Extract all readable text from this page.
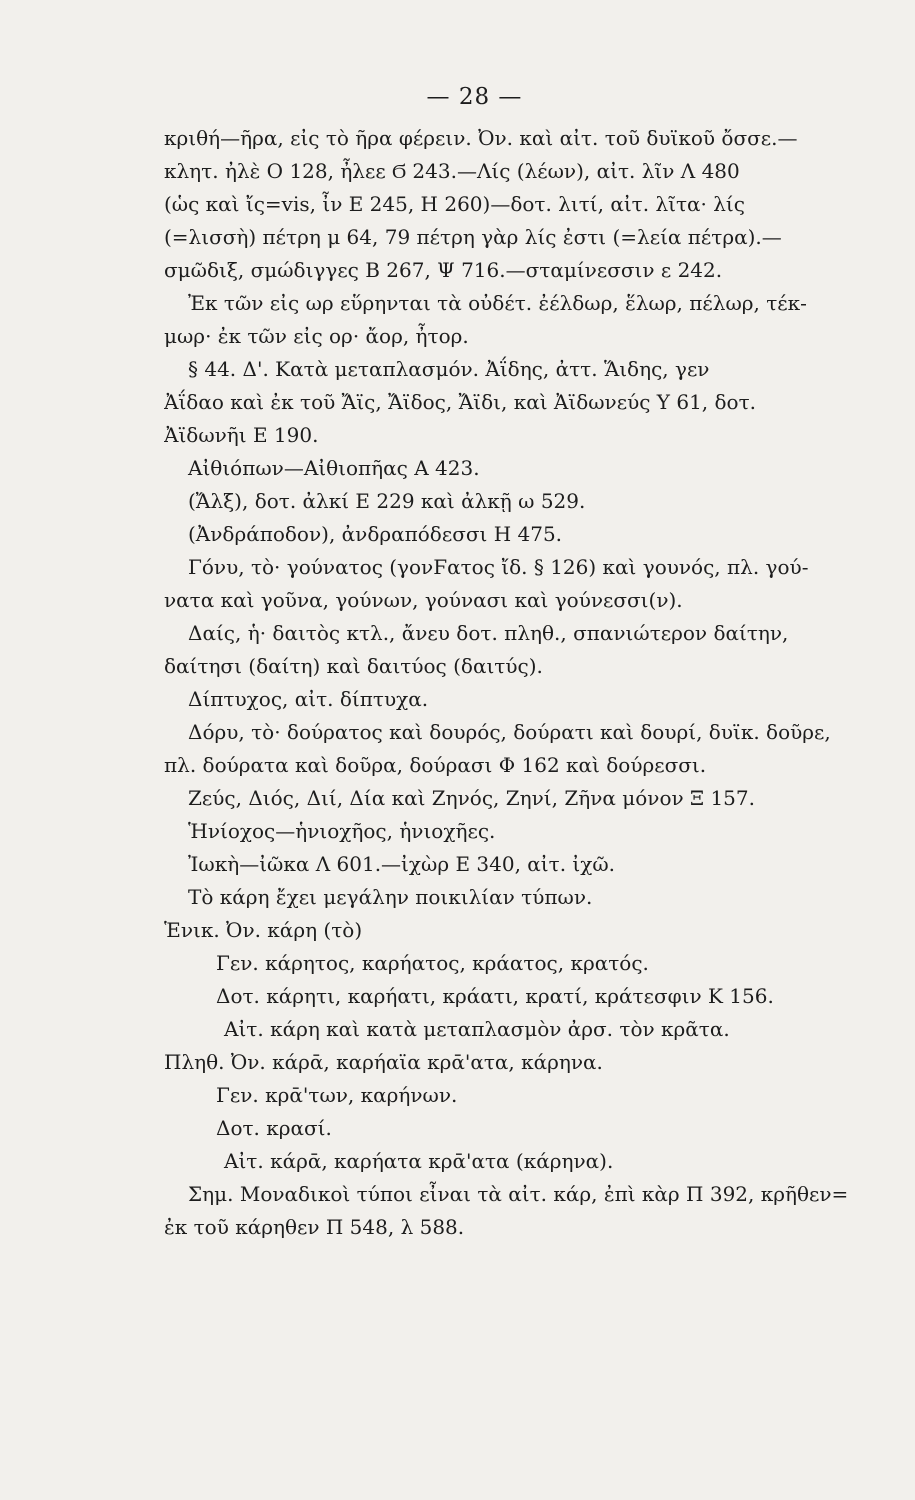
— 28 —
κριθή—ῆρα, εἰς τὸ ῆρα φέρειν. Ὀν. καὶ αἰτ. τοῦ δυϊκοῦ ὄσσε.—
κλητ. ἠλὲ Ο 128, ἦλεε Ϭ 243.—Λίς (λέων), αἰτ. λῖν Λ 480
(ὡς καὶ ἴς=vis, ἶν E 245, Η 260)—δοτ. λιτί, αἰτ. λῖτα· λίς
(=λισσὴ) πέτρη μ 64, 79 πέτρη γὰρ λίς ἐστι (=λεία πέτρα).—
σμῶδιξ, σμώδιγγες Β 267, Ψ 716.—σταμίνεσσιν ε 242.
Ἐκ τῶν εἰς ωρ εὕρηνται τὰ οὐδέτ. ἐέλδωρ, ἕλωρ, πέλωρ, τέκ-
μωρ· ἐκ τῶν εἰς ορ· ἄορ, ἦτορ.
§ 44. Δ'. Κατὰ μεταπλασμόν. Ἀΐδης, ἀττ. Ἅιδης, γεν
Ἀΐδαο καὶ ἐκ τοῦ Ἄϊς, Ἄϊδος, Ἄϊδι, καὶ Ἀϊδωνεύς Υ 61, δοτ.
Ἀϊδωνῆι Ε 190.
Αἰθιόπων—Αἰθιοπῆας Α 423.
(Ἄλξ), δοτ. ἀλκί Ε 229 καὶ ἀλκῇ ω 529.
(Ἀνδράποδον), ἀνδραπόδεσσι Η 475.
Γόνυ, τὸ· γούνατος (γονϜατος ἴδ. § 126) καὶ γουνός, πλ. γού-
νατα καὶ γοῦνα, γούνων, γούνασι καὶ γούνεσσι(ν).
Δαίς, ἡ· δαιτὸς κτλ., ἄνευ δοτ. πληθ., σπανιώτερον δαίτην,
δαίτησι (δαίτη) καὶ δαιτύος (δαιτύς).
Δίπτυχος, αἰτ. δίπτυχα.
Δόρυ, τὸ· δούρατος καὶ δουρός, δούρατι καὶ δουρί, δυϊκ. δοῦρε,
πλ. δούρατα καὶ δοῦρα, δούρασι Φ 162 καὶ δούρεσσι.
Ζεύς, Διός, Διί, Δία καὶ Ζηνός, Ζηνί, Ζῆνα μόνον Ξ 157.
Ἡνίοχος—ἡνιοχῆος, ἡνιοχῆες.
Ἰωκὴ—ἰῶκα Λ 601.—ἰχὼρ Ε 340, αἰτ. ἰχῶ.
Τὸ κάρη ἔχει μεγάλην ποικιλίαν τύπων.
Ἑνικ. Ὀν. κάρη (τὸ)
Γεν. κάρητος, καρήατος, κράατος, κρατός.
Δοτ. κάρητι, καρήατι, κράατι, κρατί, κράτεσφιν Κ 156.
Αἰτ. κάρη καὶ κατὰ μεταπλασμὸν ἀρσ. τὸν κρᾶτα.
Πληθ. Ὀν. κάρᾱ, καρήαϊα κρᾱ'ατα, κάρηνα.
Γεν. κρᾱ'των, καρήνων.
Δοτ. κρασί.
Αἰτ. κάρᾱ, καρήατα κρᾱ'ατα (κάρηνα).
Σημ. Μοναδικοὶ τύποι εἶναι τὰ αἰτ. κάρ, ἐπὶ κὰρ Π 392, κρῆθεν=
ἐκ τοῦ κάρηθεν Π 548, λ 588.
